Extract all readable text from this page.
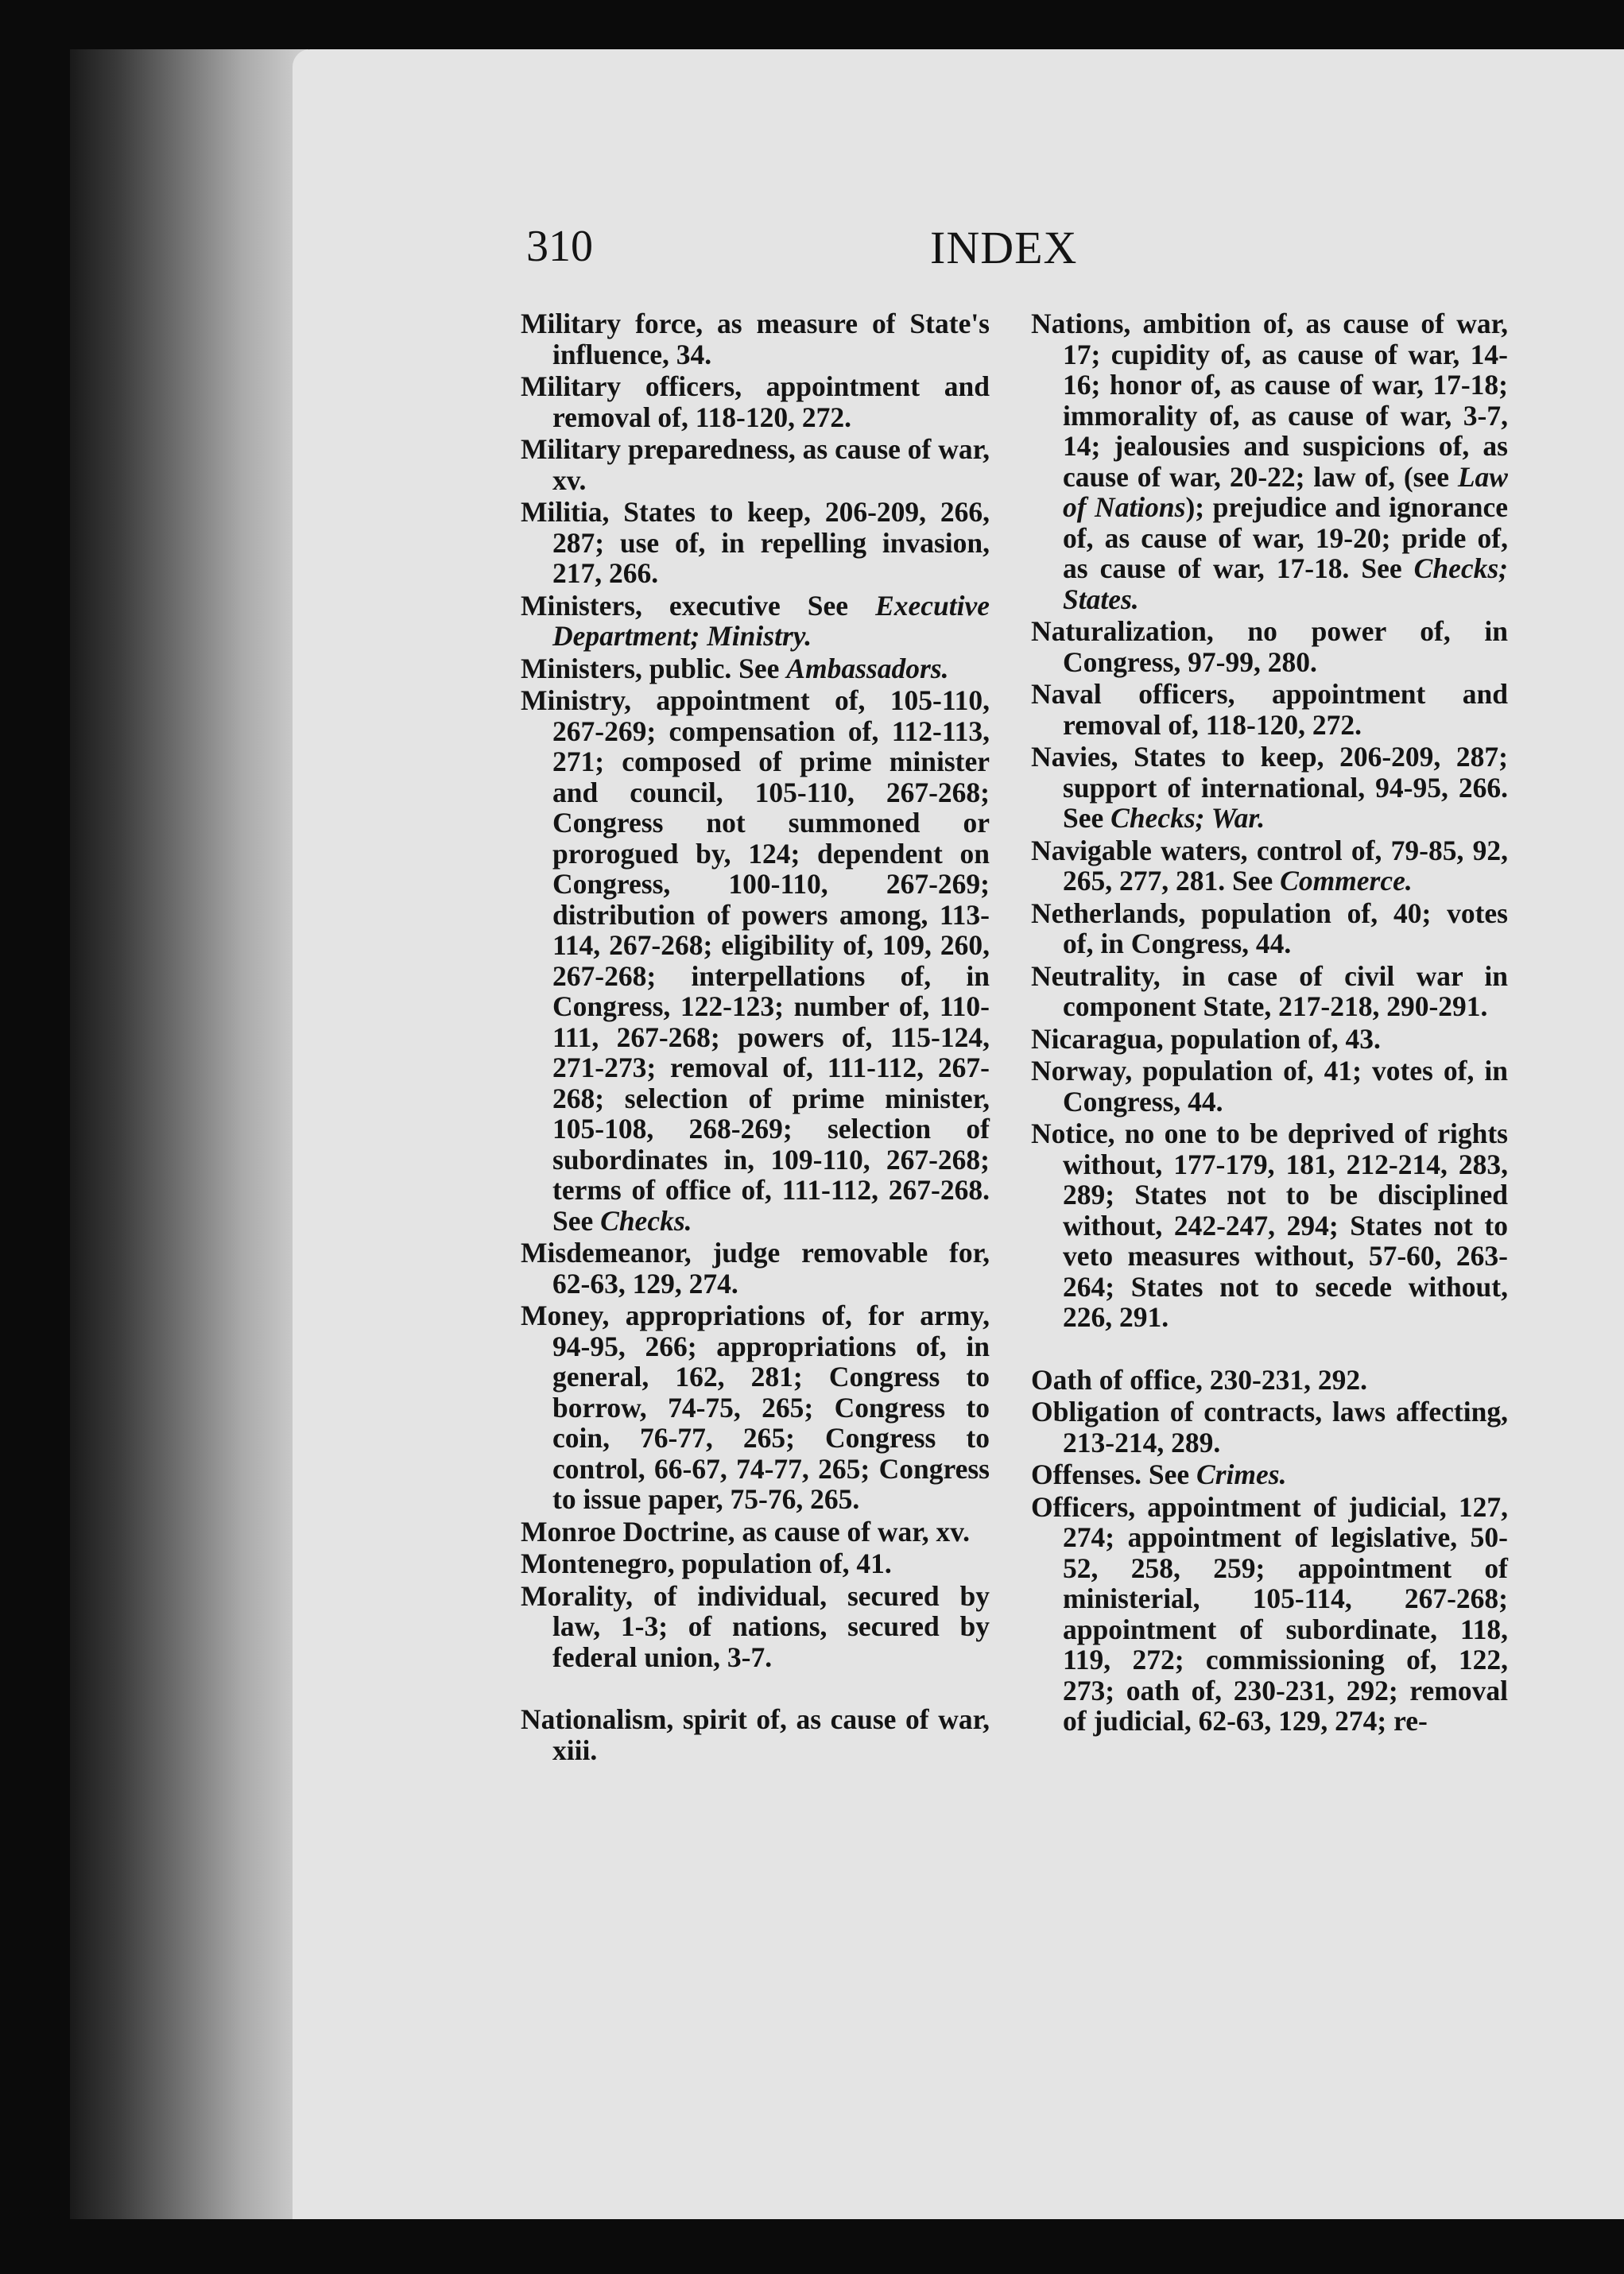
310	INDEX

Military force, as measure of State's influence, 34.

Military officers, appointment and removal of, 118-120, 272.

Military preparedness, as cause of war, xv.

Militia, States to keep, 206-209, 266, 287; use of, in repelling invasion, 217, 266.

Ministers, executive See Executive Department; Ministry.

Ministers, public. See Ambassadors.

Ministry, appointment of, 105-110, 267-269; compensation of, 112-113, 271; composed of prime minister and council, 105-110, 267-268; Congress not summoned or prorogued by, 124; dependent on Congress, 100-110, 267-269; distribution of powers among, 113-114, 267-268; eligibility of, 109, 260, 267-268; interpellations of, in Congress, 122-123; number of, 110-111, 267-268; powers of, 115-124, 271-273; removal of, 111-112, 267-268; selection of prime minister, 105-108, 268-269; selection of subordinates in, 109-110, 267-268; terms of office of, 111-112, 267-268. See Checks.

Misdemeanor, judge removable for, 62-63, 129, 274.

Money, appropriations of, for army, 94-95, 266; appropriations of, in general, 162, 281; Congress to borrow, 74-75, 265; Congress to coin, 76-77, 265; Congress to control, 66-67, 74-77, 265; Congress to issue paper, 75-76, 265.

Monroe Doctrine, as cause of war, xv.

Montenegro, population of, 41.

Morality, of individual, secured by law, 1-3; of nations, secured by federal union, 3-7.

Nationalism, spirit of, as cause of war, xiii.

Nations, ambition of, as cause of war, 17; cupidity of, as cause of war, 14-16; honor of, as cause of war, 17-18; immorality of, as cause of war, 3-7, 14; jealousies and suspicions of, as cause of war, 20-22; law of, (see Law of Nations); prejudice and ignorance of, as cause of war, 19-20; pride of, as cause of war, 17-18. See Checks; States.

Naturalization, no power of, in Congress, 97-99, 280.

Naval officers, appointment and removal of, 118-120, 272.

Navies, States to keep, 206-209, 287; support of international, 94-95, 266. See Checks; War.

Navigable waters, control of, 79-85, 92, 265, 277, 281. See Commerce.

Netherlands, population of, 40; votes of, in Congress, 44.

Neutrality, in case of civil war in component State, 217-218, 290-291.

Nicaragua, population of, 43.

Norway, population of, 41; votes of, in Congress, 44.

Notice, no one to be deprived of rights without, 177-179, 181, 212-214, 283, 289; States not to be disciplined without, 242-247, 294; States not to veto measures without, 57-60, 263-264; States not to secede without, 226, 291.

Oath of office, 230-231, 292.

Obligation of contracts, laws affecting, 213-214, 289.

Offenses. See Crimes.

Officers, appointment of judicial, 127, 274; appointment of legislative, 50-52, 258, 259; appointment of ministerial, 105-114, 267-268; appointment of subordinate, 118, 119, 272; commissioning of, 122, 273; oath of, 230-231, 292; removal of judicial, 62-63, 129, 274; re-
